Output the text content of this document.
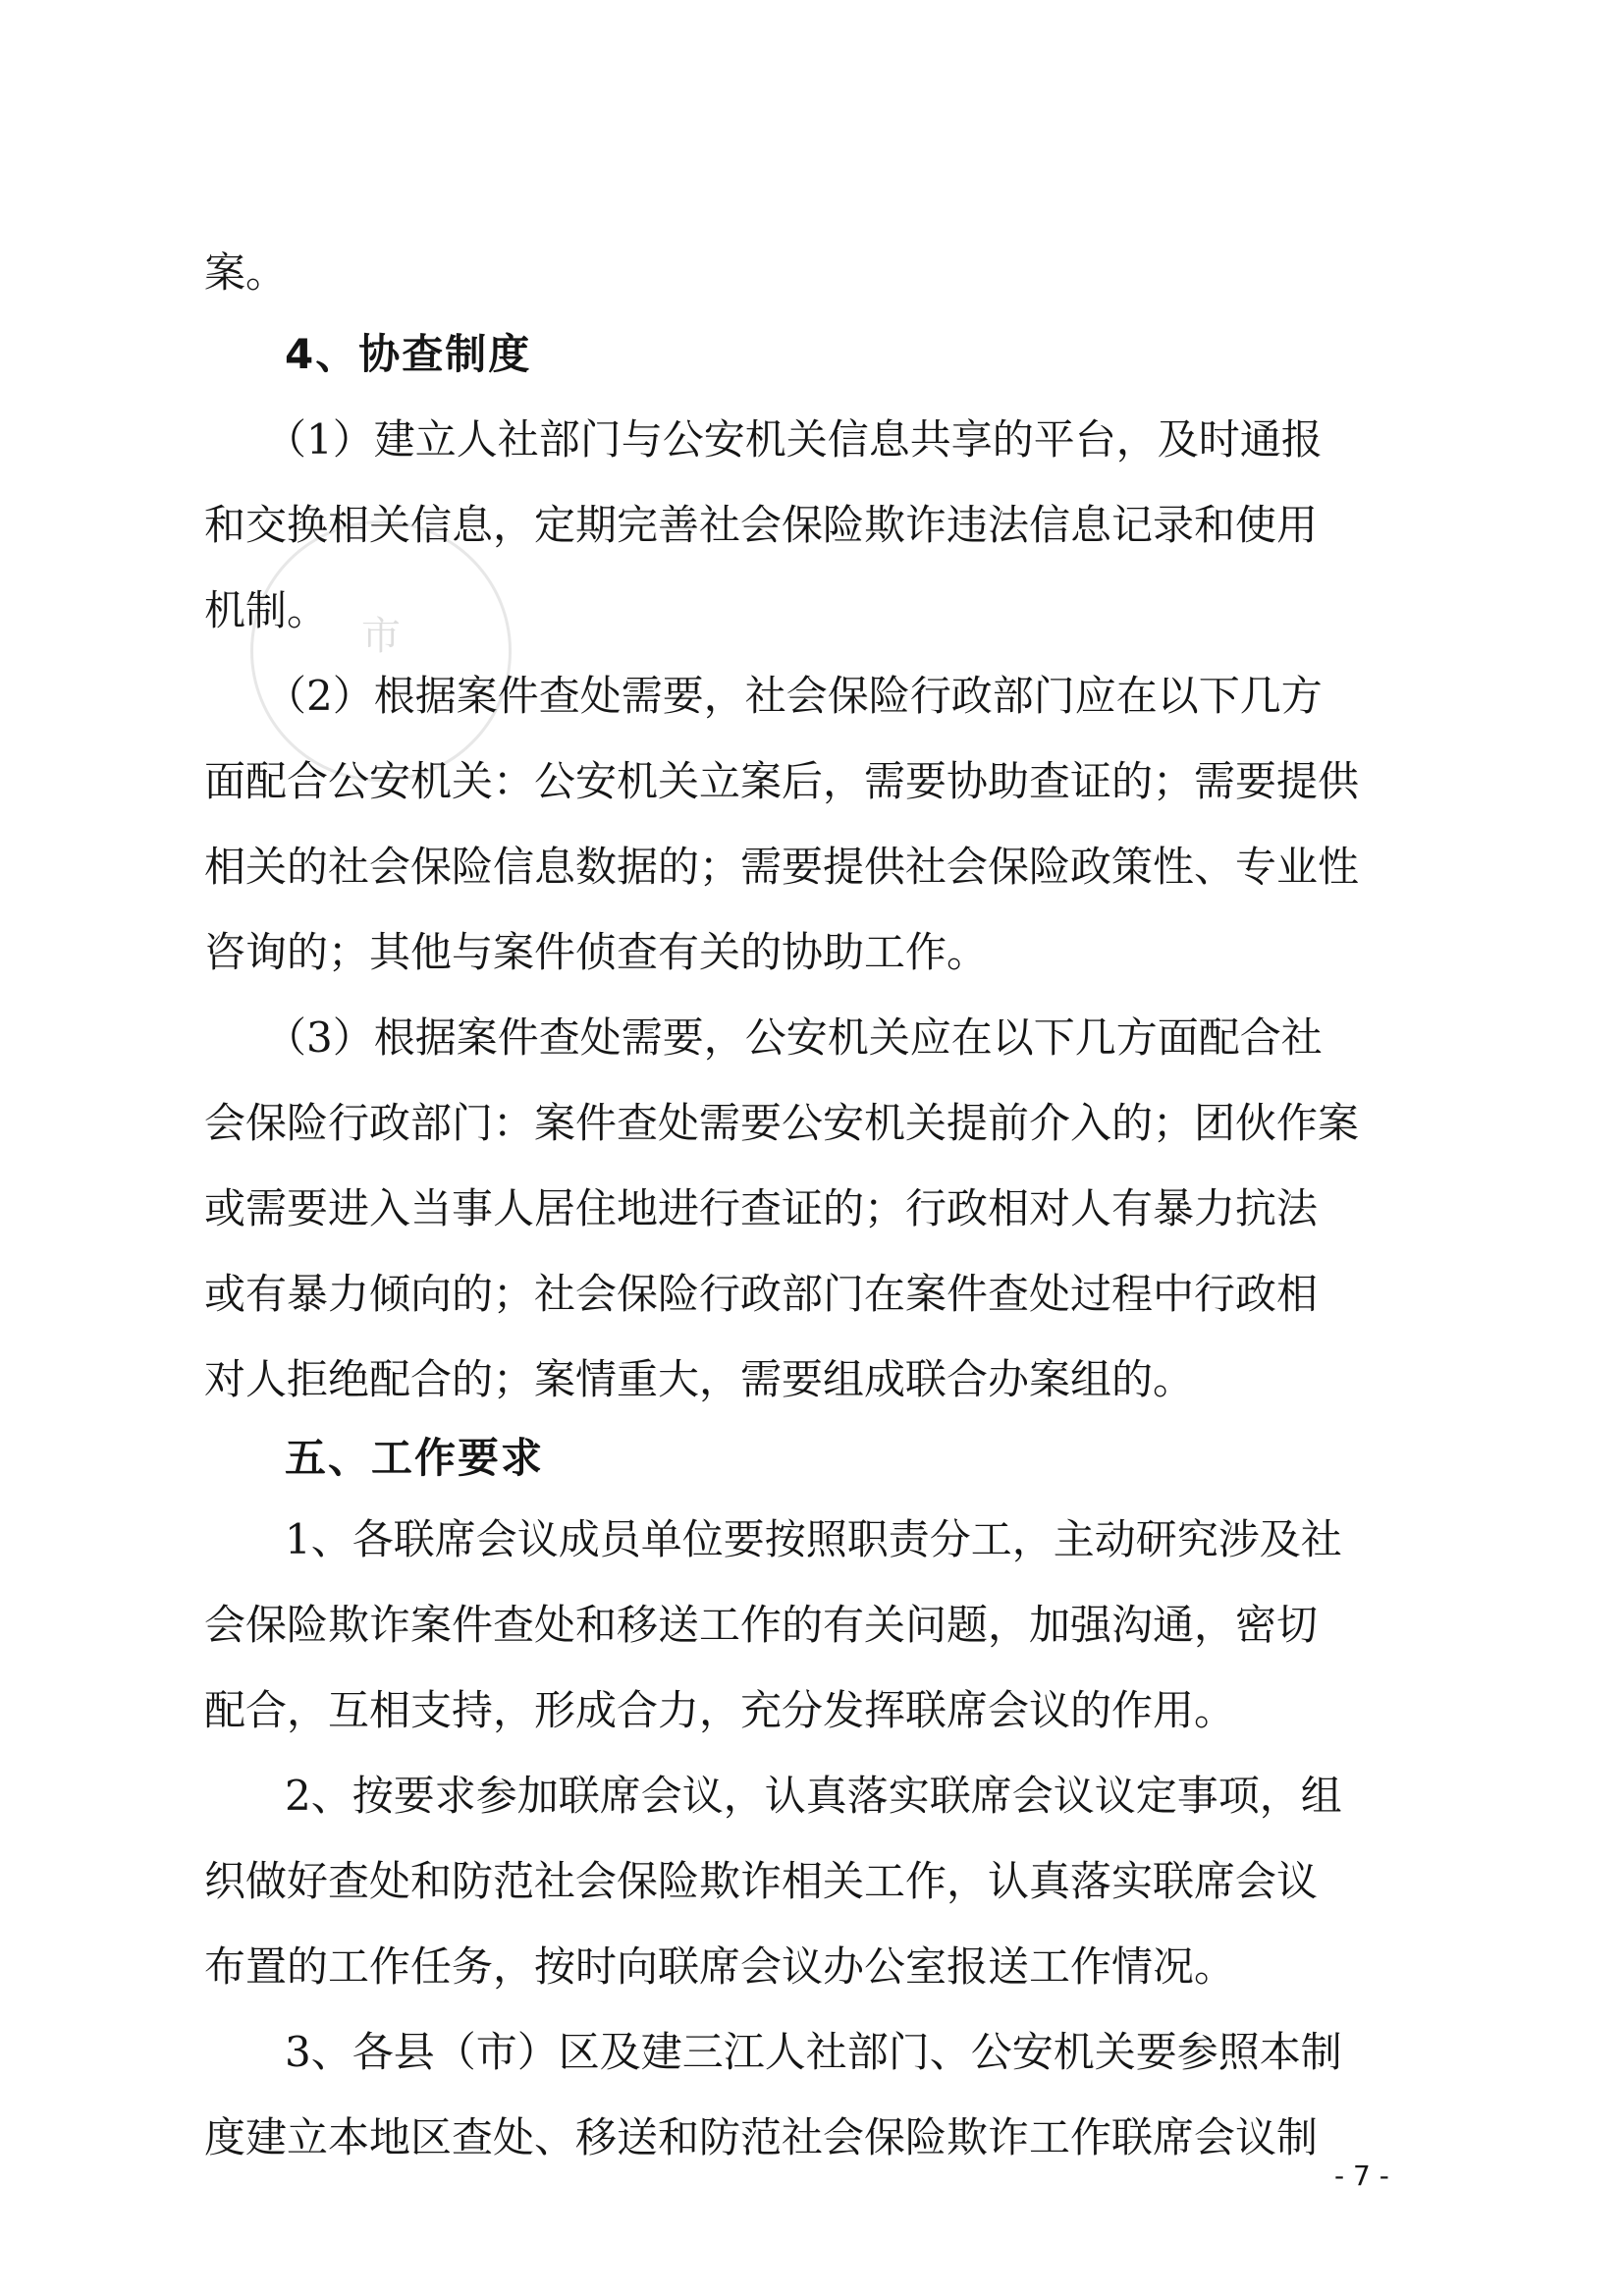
市
案。
4、协查制度
（1）建立人社部门与公安机关信息共享的平台，及时通报
和交换相关信息，定期完善社会保险欺诈违法信息记录和使用
机制。
（2）根据案件查处需要，社会保险行政部门应在以下几方
面配合公安机关：公安机关立案后，需要协助查证的；需要提供
相关的社会保险信息数据的；需要提供社会保险政策性、专业性
咨询的；其他与案件侦查有关的协助工作。
（3）根据案件查处需要，公安机关应在以下几方面配合社
会保险行政部门：案件查处需要公安机关提前介入的；团伙作案
或需要进入当事人居住地进行查证的；行政相对人有暴力抗法
或有暴力倾向的；社会保险行政部门在案件查处过程中行政相
对人拒绝配合的；案情重大，需要组成联合办案组的。
五、工作要求
1、各联席会议成员单位要按照职责分工，主动研究涉及社
会保险欺诈案件查处和移送工作的有关问题，加强沟通，密切
配合，互相支持，形成合力，充分发挥联席会议的作用。
2、按要求参加联席会议，认真落实联席会议议定事项，组
织做好查处和防范社会保险欺诈相关工作，认真落实联席会议
布置的工作任务，按时向联席会议办公室报送工作情况。
3、各县（市）区及建三江人社部门、公安机关要参照本制
度建立本地区查处、移送和防范社会保险欺诈工作联席会议制
- 7 -
